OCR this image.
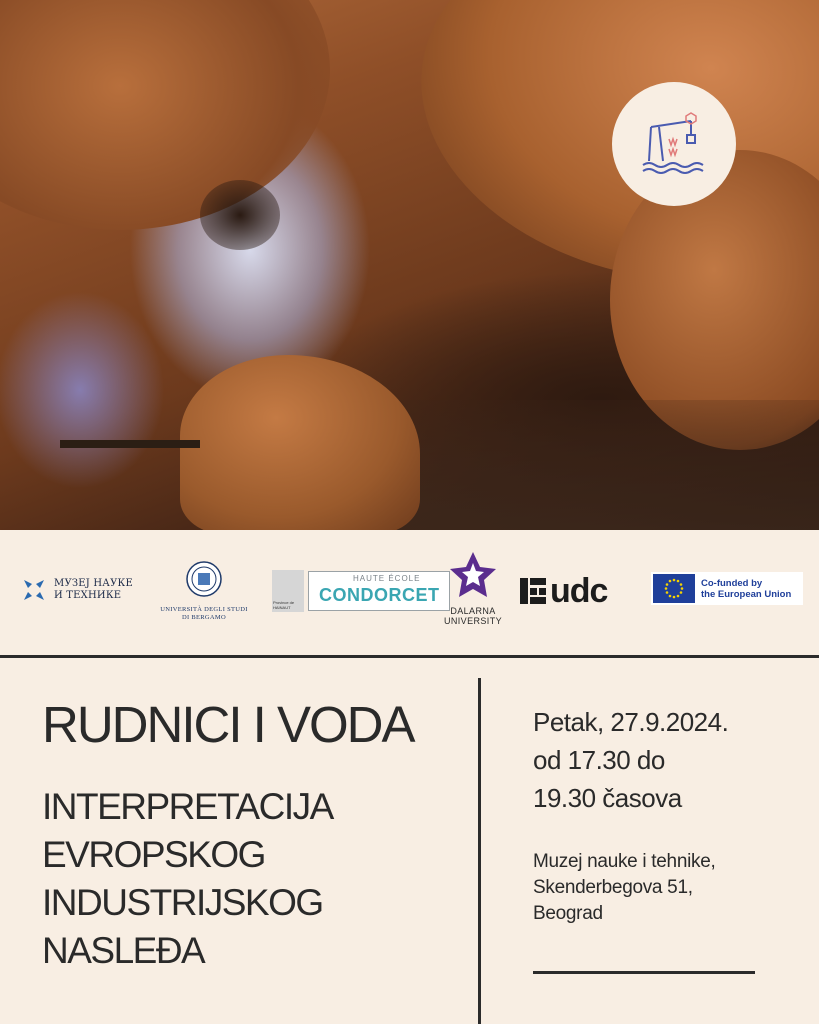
МУЗЕЈ НАУКЕ
И ТЕХНИКЕ
UNIVERSITÀ DEGLI STUDI
DI BERGAMO
Province de
HAINAUT
HAUTE ÉCOLE
CONDORCET
DALARNA
UNIVERSITY
udc	Co-funded by
the European Union
RUDNICI I VODA
INTERPRETACIJA
EVROPSKOG
INDUSTRIJSKOG
NASLEĐA
Petak, 27.9.2024.
od 17.30 do
19.30 časova
Muzej nauke i tehnike,
Skenderbegova 51,
Beograd
